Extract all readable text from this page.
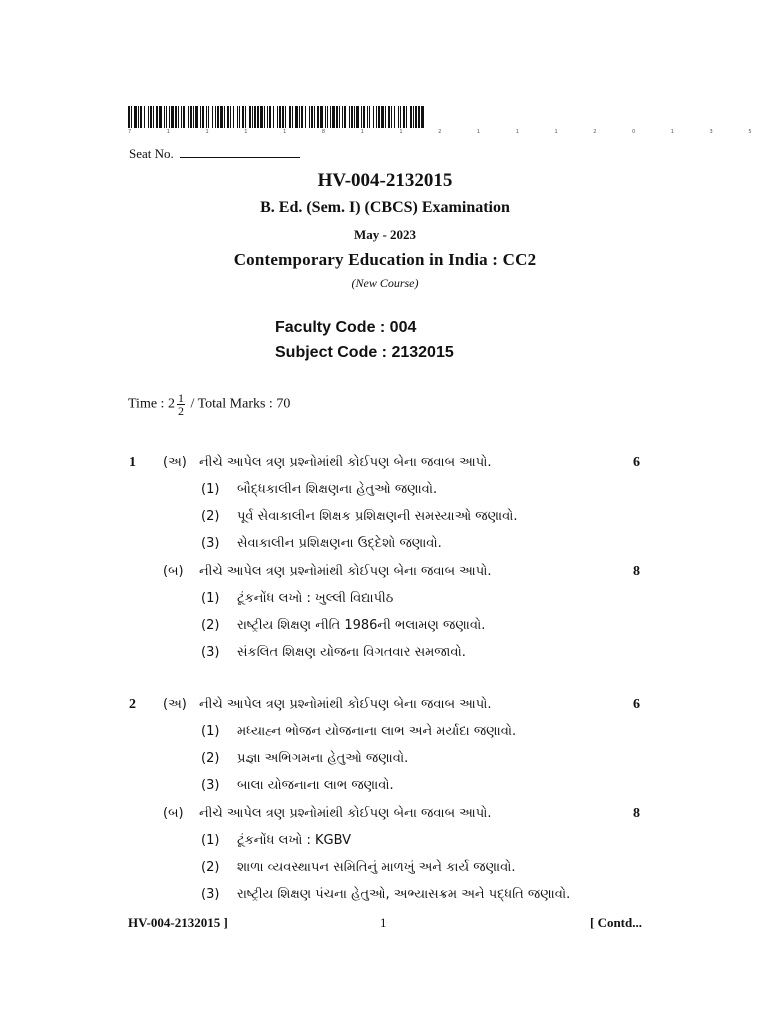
7 1 1 1 1 8 1 1 2 1 1 1 2 0 1 3 5
Seat No.
HV-004-2132015
B. Ed. (Sem. I) (CBCS) Examination
May - 2023
Contemporary Education in India : CC2
(New Course)
Faculty Code : 004
Subject Code : 2132015
Time : $2 \frac{1}{2}$ / Total Marks : 70
1 (અ) નીચે આપેલ ત્રણ પ્રશ્નોમાંથી કોઈપણ બેના જવાબ આપો.	6
(1) બૌદ્ધકાલીન શિક્ષણના હેતુઓ જણાવો.
(2) પૂર્વ સેવાકાલીન શિક્ષક પ્રશિક્ષણની સમસ્યાઓ જણાવો.
(3) સેવાકાલીન પ્રશિક્ષણના ઉદ્દેશો જણાવો.
(બ) નીચે આપેલ ત્રણ પ્રશ્નોમાંથી કોઈપણ બેના જવાબ આપો.	8
(1) ટૂંકનોંધ લખો : ખુલ્લી વિદ્યાપીઠ
(2) રાષ્ટ્રીય શિક્ષણ નીતિ 1986ની ભલામણ જણાવો.
(3) સંકલિત શિક્ષણ યોજના વિગતવાર સમજાવો.
2 (અ) નીચે આપેલ ત્રણ પ્રશ્નોમાંથી કોઈપણ બેના જવાબ આપો.	6
(1) મધ્યાહ્ન ભોજન યોજનાના લાભ અને મર્યાદા જણાવો.
(2) પ્રજ્ઞા અભિગમના હેતુઓ જણાવો.
(3) બાલા યોજનાના લાભ જણાવો.
(બ) નીચે આપેલ ત્રણ પ્રશ્નોમાંથી કોઈપણ બેના જવાબ આપો.	8
(1) ટૂંકનોંધ લખો : KGBV
(2) શાળા વ્યવસ્થાપન સમિતિનું માળખું અને કાર્ય જણાવો.
(3) રાષ્ટ્રીય શિક્ષણ પંચના હેતુઓ, અભ્યાસક્રમ અને પદ્ધતિ જણાવો.
HV-004-2132015 ]	1	[ Contd...
